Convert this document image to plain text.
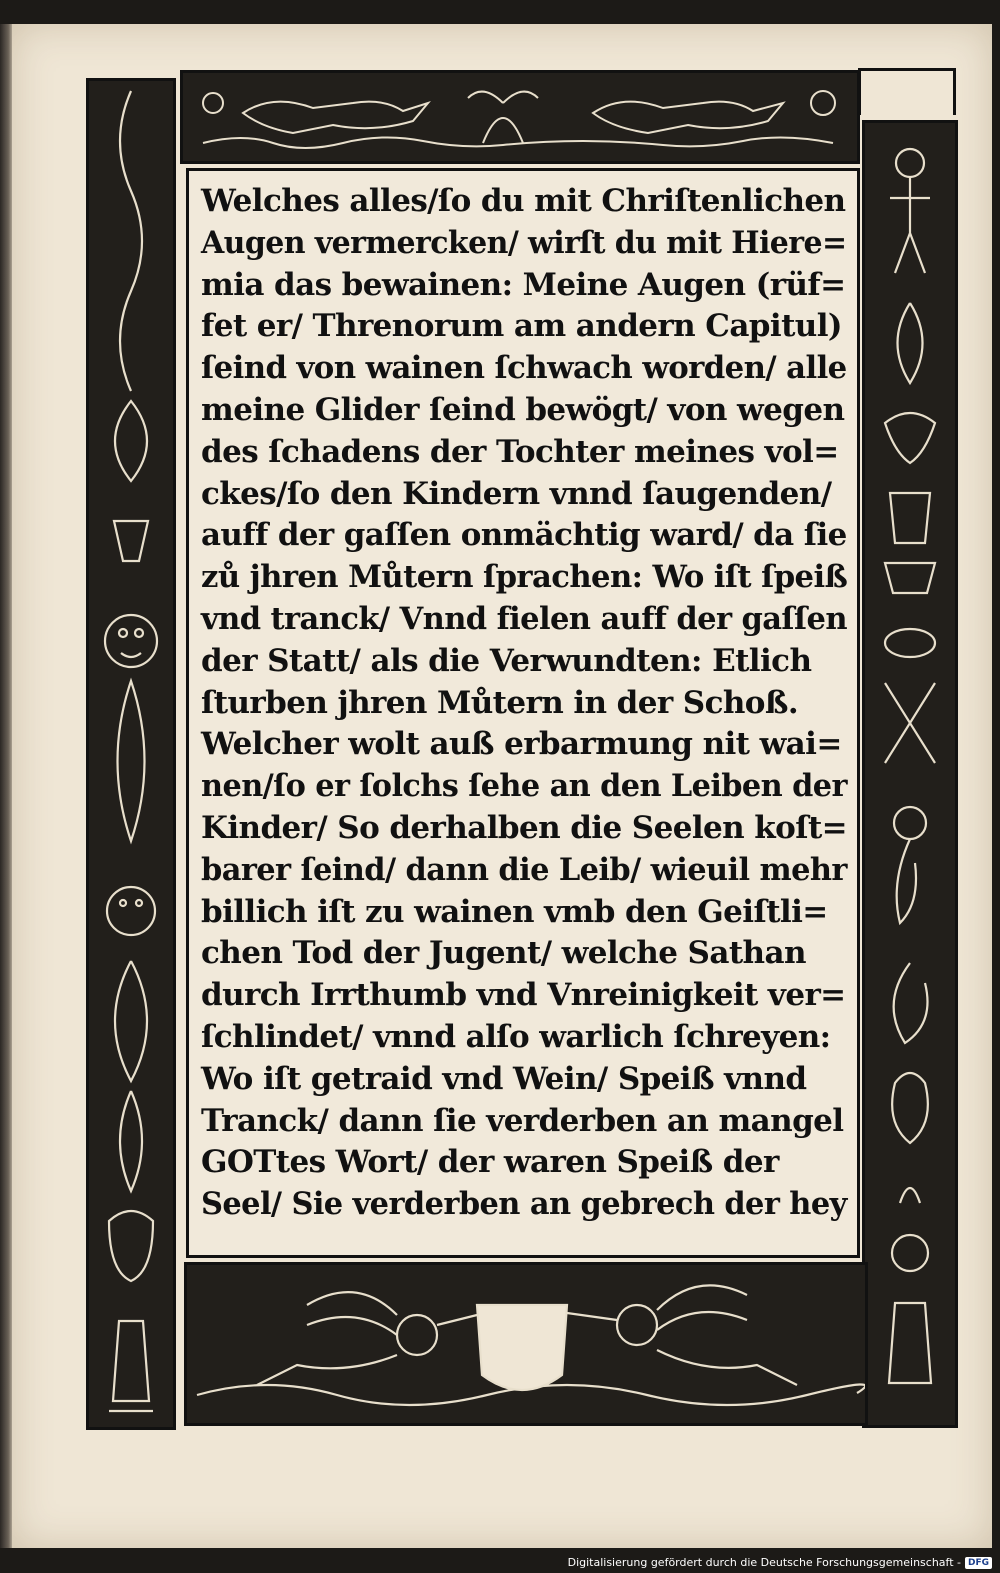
Welches alles/ſo du mit Chriſtenlichen
Augen vermercken/ wirſt du mit Hiere=
mia das bewainen: Meine Augen (rüf=
fet er/ Threnorum am andern Capitul)
ſeind von wainen ſchwach worden/ alle
meine Glider ſeind bewögt/ von wegen
des ſchadens der Tochter meines vol=
ckes/ſo den Kindern vnnd ſaugenden/
auff der gaſſen onmächtig ward/ da ſie
zů jhren Můtern ſprachen: Wo iſt ſpeiß
vnd tranck/ Vnnd fielen auff der gaſſen
der Statt/ als die Verwundten: Etlich
ſturben jhren Můtern in der Schoß.
Welcher wolt auß erbarmung nit wai=
nen/ſo er ſolchs ſehe an den Leiben der
Kinder/ So derhalben die Seelen koſt=
barer ſeind/ dann die Leib/ wieuil mehr
billich iſt zu wainen vmb den Geiſtli=
chen Tod der Jugent/ welche Sathan
durch Irrthumb vnd Vnreinigkeit ver=
ſchlindet/ vnnd alſo warlich ſchreyen:
Wo iſt getraid vnd Wein/ Speiß vnnd
Tranck/ dann ſie verderben an mangel
GOTtes Wort/ der waren Speiß der
Seel/ Sie verderben an gebrech der hey
Digitalisierung gefördert durch die Deutsche Forschungsgemeinschaft - DFG
